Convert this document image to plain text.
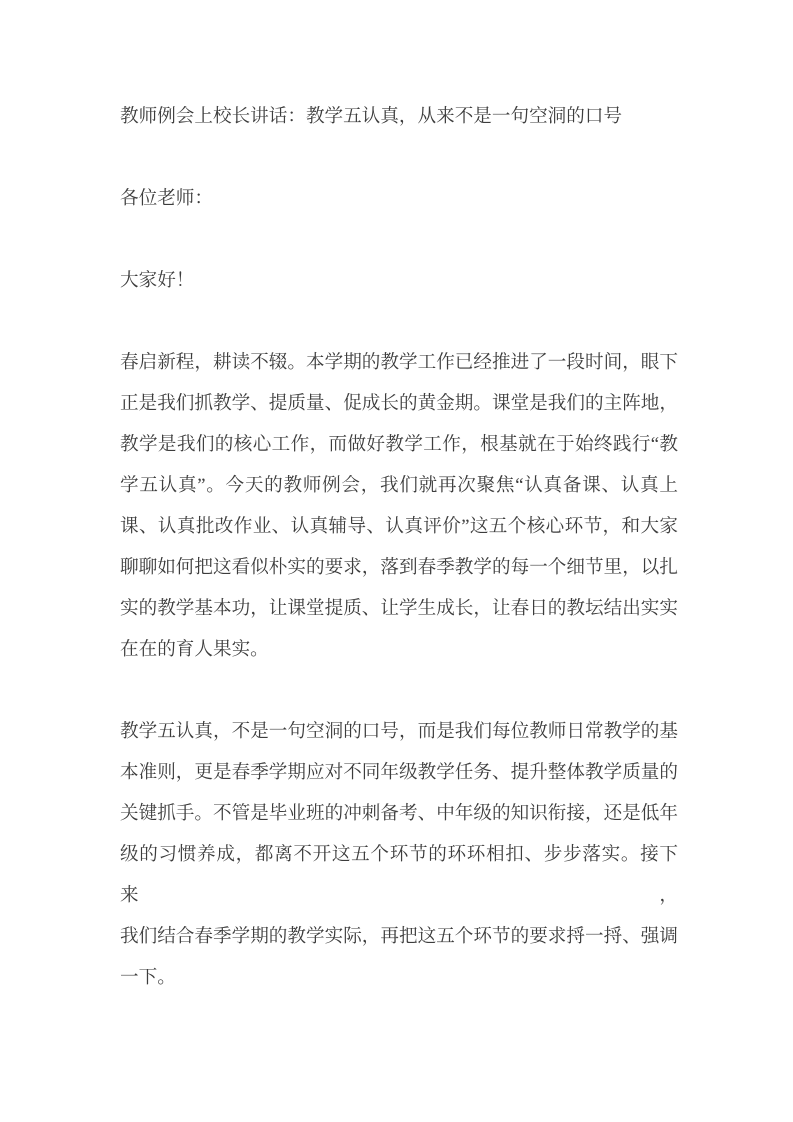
教师例会上校长讲话：教学五认真，从来不是一句空洞的口号
各位老师：
大家好！
春启新程，耕读不辍。本学期的教学工作已经推进了一段时间，眼下
正是我们抓教学、提质量、促成长的黄金期。课堂是我们的主阵地，
教学是我们的核心工作，而做好教学工作，根基就在于始终践行“教
学五认真”。今天的教师例会，我们就再次聚焦“认真备课、认真上
课、认真批改作业、认真辅导、认真评价”这五个核心环节，和大家
聊聊如何把这看似朴实的要求，落到春季教学的每一个细节里，以扎
实的教学基本功，让课堂提质、让学生成长，让春日的教坛结出实实
在在的育人果实。
教学五认真，不是一句空洞的口号，而是我们每位教师日常教学的基
本准则，更是春季学期应对不同年级教学任务、提升整体教学质量的
关键抓手。不管是毕业班的冲刺备考、中年级的知识衔接，还是低年
级的习惯养成，都离不开这五个环节的环环相扣、步步落实。接下来，
我们结合春季学期的教学实际，再把这五个环节的要求捋一捋、强调
一下。
